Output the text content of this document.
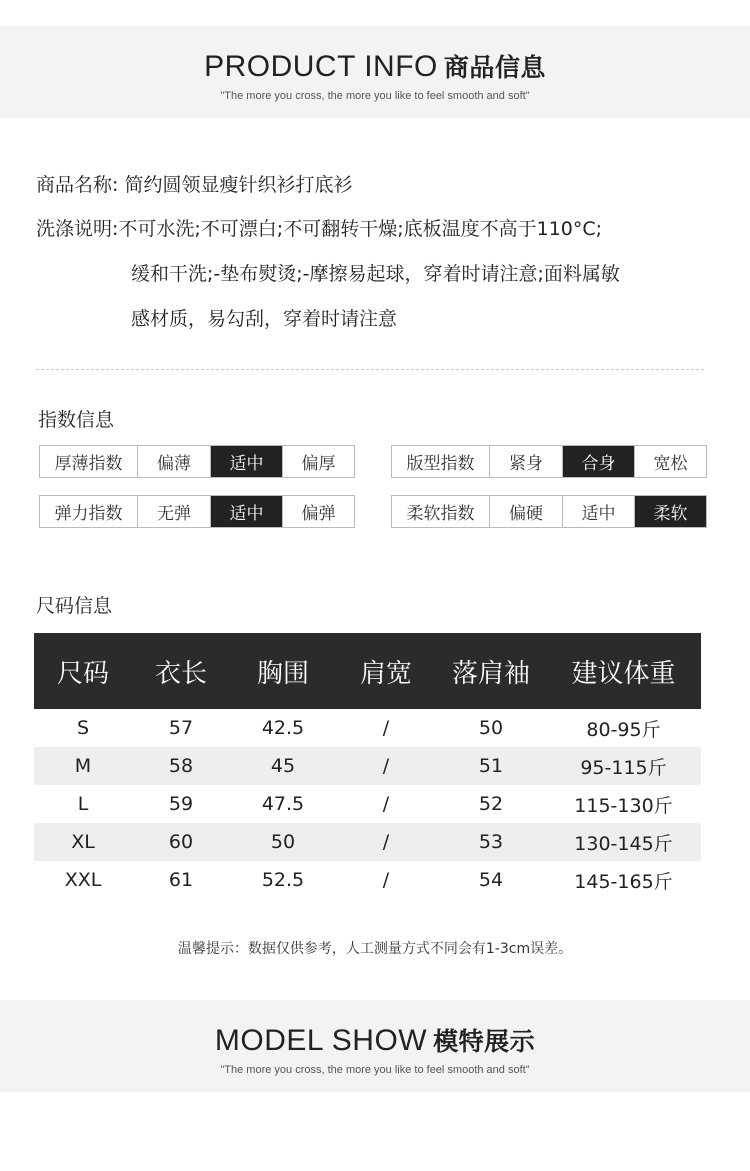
PRODUCT INFO 商品信息
"The more you cross, the more you like to feel smooth and soft"
商品名称: 简约圆领显瘦针织衫打底衫
洗涤说明:不可水洗;不可漂白;不可翻转干燥;底板温度不高于110°C;
缓和干洗;-垫布熨烫;-摩擦易起球，穿着时请注意;面料属敏
感材质，易勾刮，穿着时请注意
指数信息
厚薄指数	偏薄	适中	偏厚	版型指数	紧身	合身	宽松
弹力指数	无弹	适中	偏弹	柔软指数	偏硬	适中	柔软
尺码信息
尺码	衣长	胸围	肩宽	落肩袖	建议体重
S	57	42.5	/	50	80-95斤
M	58	45	/	51	95-115斤
L	59	47.5	/	52	115-130斤
XL	60	50	/	53	130-145斤
XXL	61	52.5	/	54	145-165斤
温馨提示：数据仅供参考，人工测量方式不同会有1-3cm误差。
MODEL SHOW 模特展示
"The more you cross, the more you like to feel smooth and soft"
